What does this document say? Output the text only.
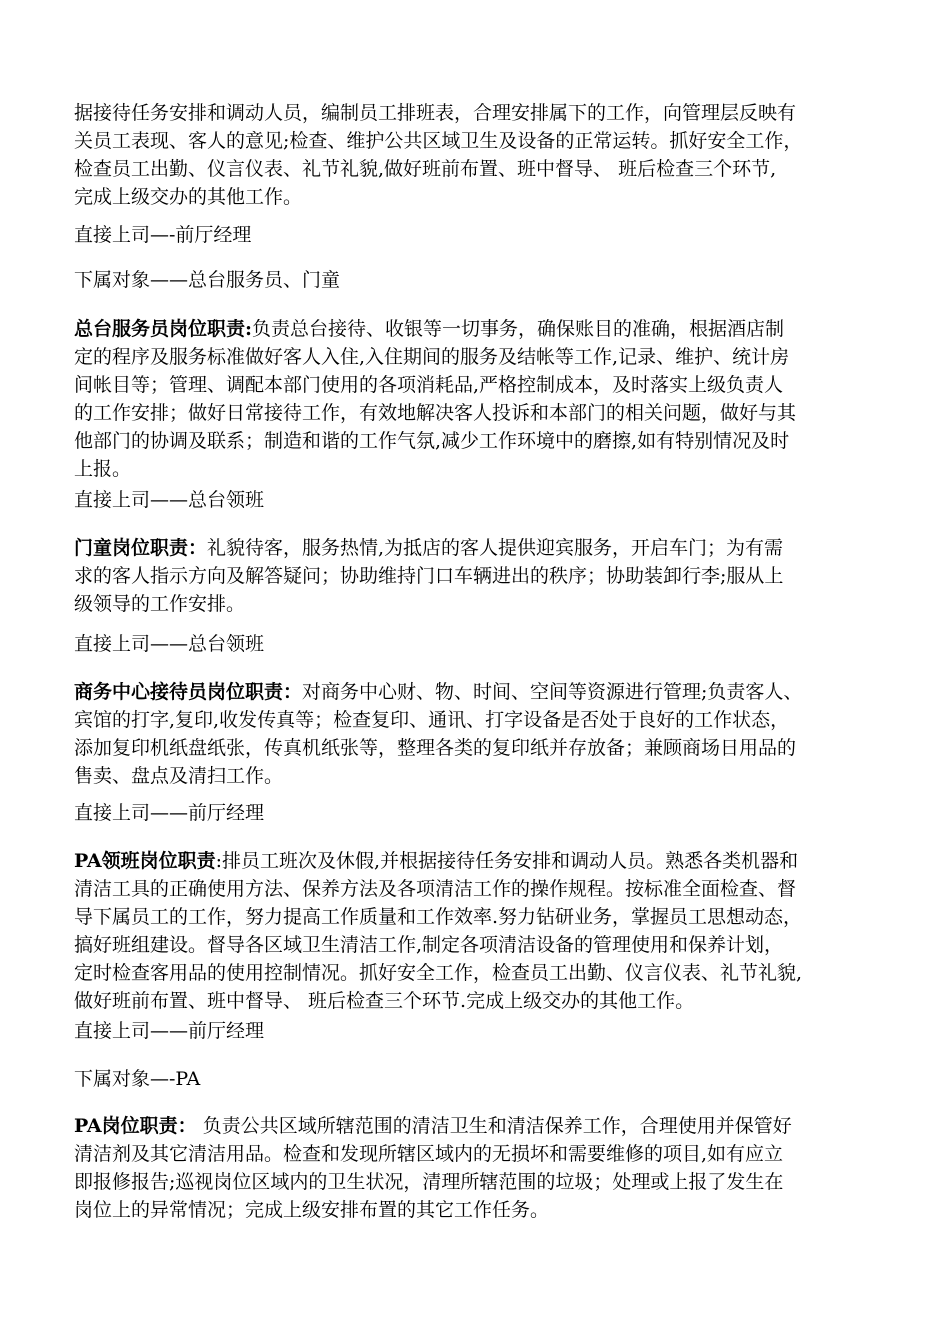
据接待任务安排和调动人员，编制员工排班表，合理安排属下的工作，向管理层反映有
关员工表现、客人的意见;检查、维护公共区域卫生及设备的正常运转。抓好安全工作，
检查员工出勤、仪言仪表、礼节礼貌,做好班前布置、班中督导、 班后检查三个环节,
完成上级交办的其他工作。
直接上司—-前厅经理
下属对象——总台服务员、门童
总台服务员岗位职责:负责总台接待、收银等一切事务，确保账目的准确，根据酒店制
定的程序及服务标准做好客人入住,入住期间的服务及结帐等工作,记录、维护、统计房
间帐目等；管理、调配本部门使用的各项消耗品,严格控制成本，及时落实上级负责人
的工作安排；做好日常接待工作，有效地解决客人投诉和本部门的相关问题，做好与其
他部门的协调及联系；制造和谐的工作气氛,减少工作环境中的磨擦,如有特别情况及时
上报。
直接上司——总台领班
门童岗位职责：礼貌待客，服务热情,为抵店的客人提供迎宾服务，开启车门；为有需
求的客人指示方向及解答疑问；协助维持门口车辆进出的秩序；协助装卸行李;服从上
级领导的工作安排。
直接上司——总台领班
商务中心接待员岗位职责：对商务中心财、物、时间、空间等资源进行管理;负责客人、
宾馆的打字,复印,收发传真等；检查复印、通讯、打字设备是否处于良好的工作状态，
添加复印机纸盘纸张，传真机纸张等，整理各类的复印纸并存放备；兼顾商场日用品的
售卖、盘点及清扫工作。
直接上司——前厅经理
PA领班岗位职责:排员工班次及休假,并根据接待任务安排和调动人员。熟悉各类机器和
清洁工具的正确使用方法、保养方法及各项清洁工作的操作规程。按标准全面检查、督
导下属员工的工作，努力提高工作质量和工作效率.努力钻研业务，掌握员工思想动态，
搞好班组建设。督导各区域卫生清洁工作,制定各项清洁设备的管理使用和保养计划，
定时检查客用品的使用控制情况。抓好安全工作，检查员工出勤、仪言仪表、礼节礼貌,
做好班前布置、班中督导、 班后检查三个环节.完成上级交办的其他工作。
直接上司——前厅经理
下属对象—-PA
PA岗位职责： 负责公共区域所辖范围的清洁卫生和清洁保养工作，合理使用并保管好
清洁剂及其它清洁用品。检查和发现所辖区域内的无损坏和需要维修的项目,如有应立
即报修报告;巡视岗位区域内的卫生状况，清理所辖范围的垃圾；处理或上报了发生在
岗位上的异常情况；完成上级安排布置的其它工作任务。
